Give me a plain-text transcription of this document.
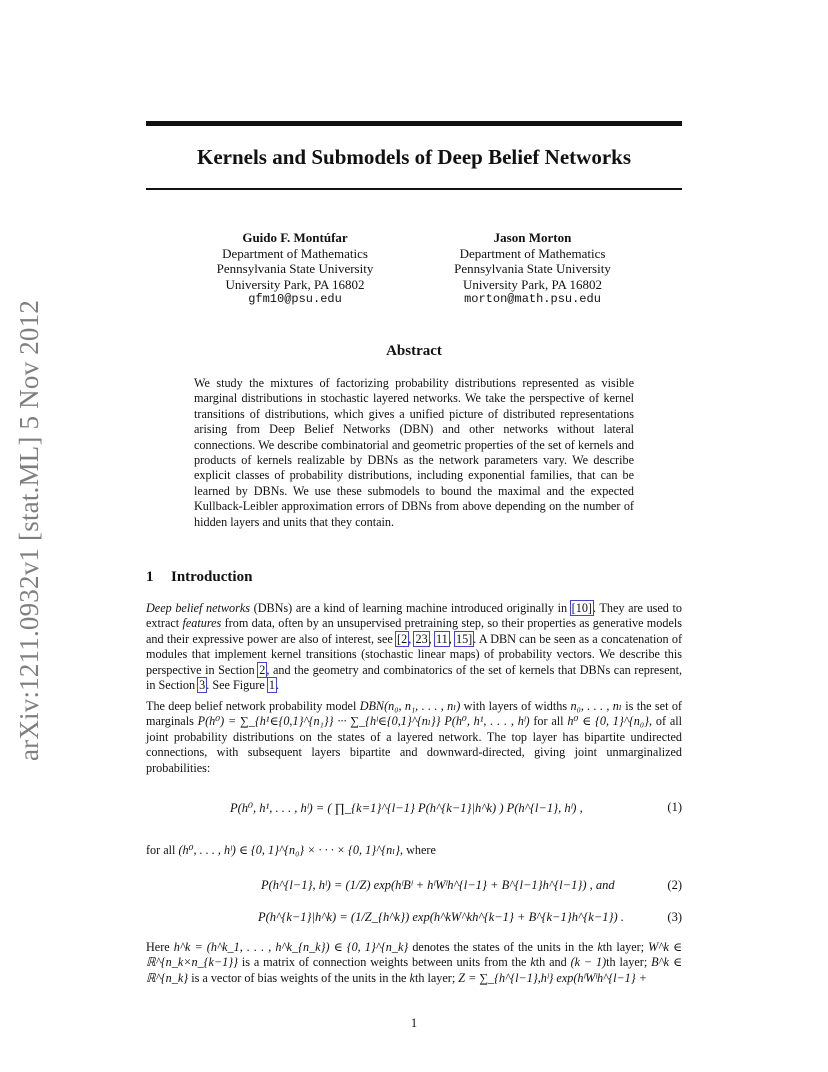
arXiv:1211.0932v1 [stat.ML] 5 Nov 2012
Kernels and Submodels of Deep Belief Networks
Guido F. Montúfar
Department of Mathematics
Pennsylvania State University
University Park, PA 16802
gfm10@psu.edu
Jason Morton
Department of Mathematics
Pennsylvania State University
University Park, PA 16802
morton@math.psu.edu
Abstract

We study the mixtures of factorizing probability distributions represented as visible marginal distributions in stochastic layered networks. We take the perspective of kernel transitions of distributions, which gives a unified picture of distributed representations arising from Deep Belief Networks (DBN) and other networks without lateral connections. We describe combinatorial and geometric properties of the set of kernels and products of kernels realizable by DBNs as the network parameters vary. We describe explicit classes of probability distributions, including exponential families, that can be learned by DBNs. We use these submodels to bound the maximal and the expected Kullback-Leibler approximation errors of DBNs from above depending on the number of hidden layers and units that they contain.

1 Introduction

Deep belief networks (DBNs) are a kind of learning machine introduced originally in [10]. They are used to extract features from data, often by an unsupervised pretraining step, so their properties as generative models and their expressive power are also of interest, see [2, 23, 11, 15]. A DBN can be seen as a concatenation of modules that implement kernel transitions (stochastic linear maps) of probability vectors. We describe this perspective in Section 2, and the geometry and combinatorics of the set of kernels that DBNs can represent, in Section 3. See Figure 1.

The deep belief network probability model DBN(n₀, n₁, . . . , nₗ) with layers of widths n₀, . . . , nₗ is the set of marginals P(h⁰) = ∑_{h¹∈{0,1}^{n₁}} ··· ∑_{hˡ∈{0,1}^{nₗ}} P(h⁰, h¹, . . . , hˡ) for all h⁰ ∈ {0, 1}^{n₀}, of all joint probability distributions on the states of a layered network. The top layer has bipartite undirected connections, with subsequent layers bipartite and downward-directed, giving joint unmarginalized probabilities:

P(h⁰, h¹, . . . , hˡ) = ( ∏_{k=1}^{l−1} P(h^{k−1}|h^k) ) P(h^{l−1}, hˡ) ,	(1)

for all (h⁰, . . . , hˡ) ∈ {0, 1}^{n₀} × · · · × {0, 1}^{nₗ}, where

P(h^{l−1}, hˡ) = (1/Z) exp(hˡBˡ + hˡWˡh^{l−1} + B^{l−1}h^{l−1}) , and	(2)
P(h^{k−1}|h^k) = (1/Z_{h^k}) exp(h^kW^kh^{k−1} + B^{k−1}h^{k−1}) .	(3)

Here h^k = (h^k_1, . . . , h^k_{n_k}) ∈ {0, 1}^{n_k} denotes the states of the units in the kth layer; W^k ∈ ℝ^{n_k×n_{k−1}} is a matrix of connection weights between units from the kth and (k − 1)th layer; B^k ∈ ℝ^{n_k} is a vector of bias weights of the units in the kth layer; Z = ∑_{h^{l−1},hˡ} exp(hˡWˡh^{l−1} +

1
